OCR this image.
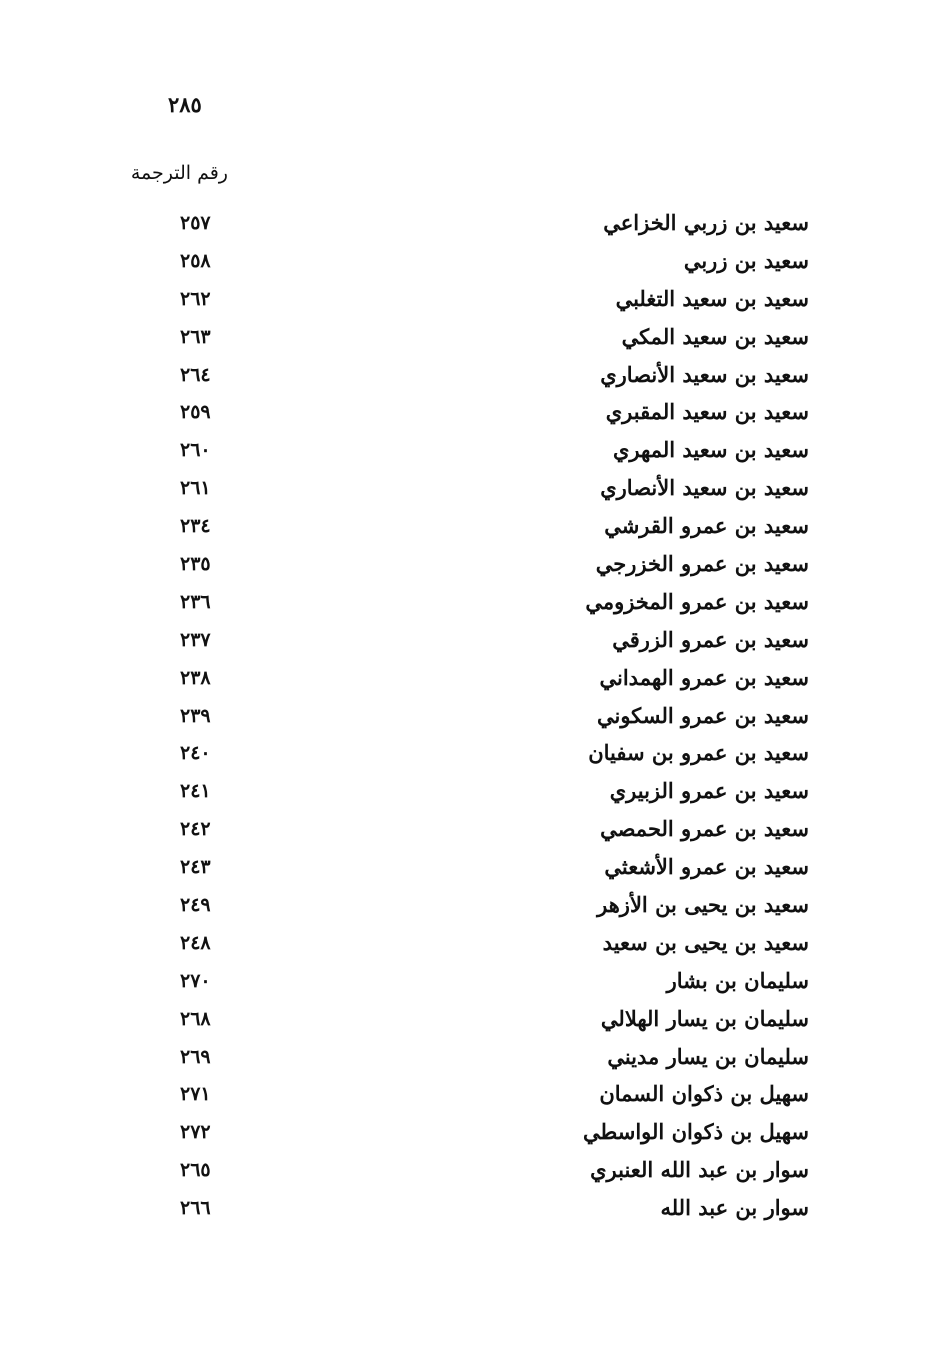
٢٨٥
رقم الترجمة
سعيد بن زربي الخزاعي
٢٥٧
سعيد بن زربي
٢٥٨
سعيد بن سعيد التغلبي
٢٦٢
سعيد بن سعيد المكي
٢٦٣
سعيد بن سعيد الأنصاري
٢٦٤
سعيد بن سعيد المقبري
٢٥٩
سعيد بن سعيد المهري
٢٦٠
سعيد بن سعيد الأنصاري
٢٦١
سعيد بن عمرو القرشي
٢٣٤
سعيد بن عمرو الخزرجي
٢٣٥
سعيد بن عمرو المخزومي
٢٣٦
سعيد بن عمرو الزرقي
٢٣٧
سعيد بن عمرو الهمداني
٢٣٨
سعيد بن عمرو السكوني
٢٣٩
سعيد بن عمرو بن سفيان
٢٤٠
سعيد بن عمرو الزبيري
٢٤١
سعيد بن عمرو الحمصي
٢٤٢
سعيد بن عمرو الأشعثي
٢٤٣
سعيد بن يحيى بن الأزهر
٢٤٩
سعيد بن يحيى بن سعيد
٢٤٨
سليمان بن بشار
٢٧٠
سليمان بن يسار الهلالي
٢٦٨
سليمان بن يسار مديني
٢٦٩
سهيل بن ذكوان السمان
٢٧١
سهيل بن ذكوان الواسطي
٢٧٢
سوار بن عبد الله العنبري
٢٦٥
سوار بن عبد الله
٢٦٦
